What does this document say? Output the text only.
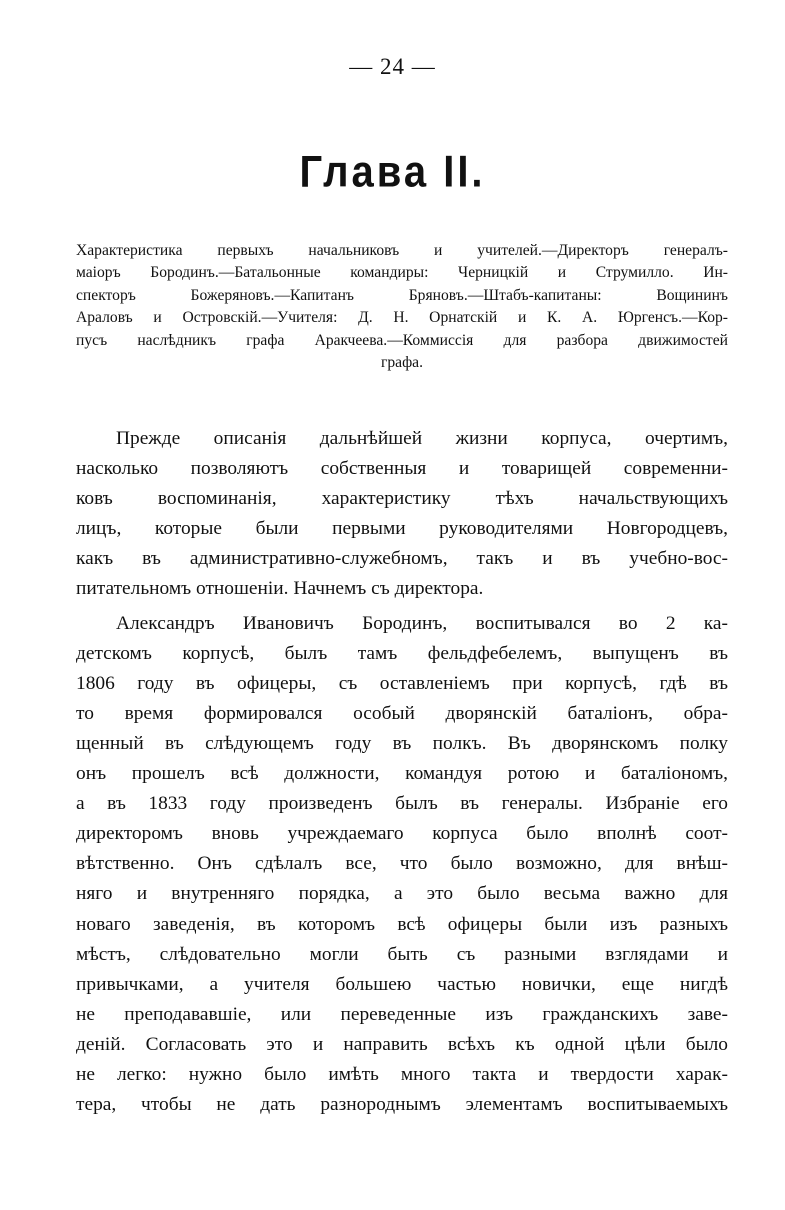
— 24 —
Глава II.
Характеристика первыхъ начальниковъ и учителей.—Директоръ генералъ-
маіоръ Бородинъ.—Батальонные командиры: Черницкій и Струмилло. Ин-
спекторъ Божеряновъ.—Капитанъ Бряновъ.—Штабъ-капитаны: Вощининъ
Араловъ и Островскій.—Учителя: Д. Н. Орнатскій и К. А. Юргенсъ.—Кор-
пусъ наслѣдникъ графа Аракчеева.—Коммиссія для разбора движимостей
графа.
Прежде описанія дальнѣйшей жизни корпуса, очертимъ,
насколько позволяютъ собственныя и товарищей современни-
ковъ воспоминанія, характеристику тѣхъ начальствующихъ
лицъ, которые были первыми руководителями Новгородцевъ,
какъ въ административно-служебномъ, такъ и въ учебно-вос-
питательномъ отношеніи. Начнемъ съ директора.
Александръ Ивановичъ Бородинъ, воспитывался во 2 ка-
детскомъ корпусѣ, былъ тамъ фельдфебелемъ, выпущенъ въ
1806 году въ офицеры, съ оставленіемъ при корпусѣ, гдѣ въ
то время формировался особый дворянскій баталіонъ, обра-
щенный въ слѣдующемъ году въ полкъ. Въ дворянскомъ полку
онъ прошелъ всѣ должности, командуя ротою и баталіономъ,
а въ 1833 году произведенъ былъ въ генералы. Избраніе его
директоромъ вновь учреждаемаго корпуса было вполнѣ соот-
вѣтственно. Онъ сдѣлалъ все, что было возможно, для внѣш-
няго и внутренняго порядка, а это было весьма важно для
новаго заведенія, въ которомъ всѣ офицеры были изъ разныхъ
мѣстъ, слѣдовательно могли быть съ разными взглядами и
привычками, а учителя большею частью новички, еще нигдѣ
не преподававшіе, или переведенные изъ гражданскихъ заве-
деній. Согласовать это и направить всѣхъ къ одной цѣли было
не легко: нужно было имѣть много такта и твердости харак-
тера, чтобы не дать разнороднымъ элементамъ воспитываемыхъ
